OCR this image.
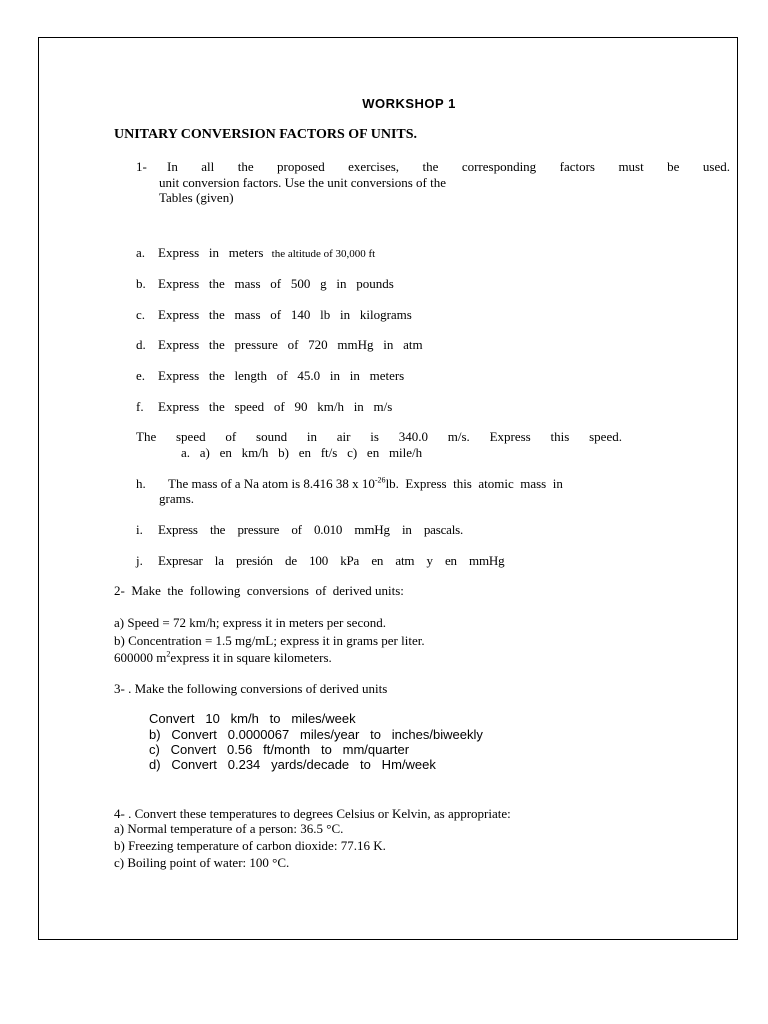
WORKSHOP 1
UNITARY CONVERSION FACTORS OF UNITS.
1- In all the proposed exercises, the corresponding factors must be used.
unit conversion factors. Use the unit conversions of the
Tables (given)
a. Express   in   meters the altitude of 30,000 ft
b. Express   the   mass   of   500   g   in   pounds
c. Express   the   mass   of   140   lb   in   kilograms
d. Express   the   pressure   of   720   mmHg   in   atm
e. Express   the   length   of   45.0   in   in   meters
f. Express   the   speed   of   90   km/h   in   m/s
The speed of sound in air is 340.0 m/s. Express this speed.
a.   a)   en   km/h   b)   en   ft/s   c)   en   mile/h
h. The mass of a Na atom is 8.416 38 x $10^{-26}lb$.  Express  this  atomic  mass  in
grams.
i. Express    the    pressure    of    0.010    mmHg    in    pascals.
j. Expresar    la    presión    de    100    kPa    en    atm    y    en    mmHg
2-  Make  the  following  conversions  of  derived units:
a) Speed = 72 km/h; express it in meters per second.
b) Concentration = 1.5 mg/mL; express it in grams per liter.
600000 $m^2express$ it in square kilometers.
3- . Make the following conversions of derived units
Convert   10   km/h   to   miles/week
b)   Convert   0.0000067   miles/year   to   inches/biweekly
c)   Convert   0.56   ft/month   to   mm/quarter
d)   Convert   0.234   yards/decade   to   Hm/week
4- . Convert these temperatures to degrees Celsius or Kelvin, as appropriate:
a) Normal temperature of a person: 36.5 °C.
b) Freezing temperature of carbon dioxide: 77.16 K.
c) Boiling point of water: 100 °C.
